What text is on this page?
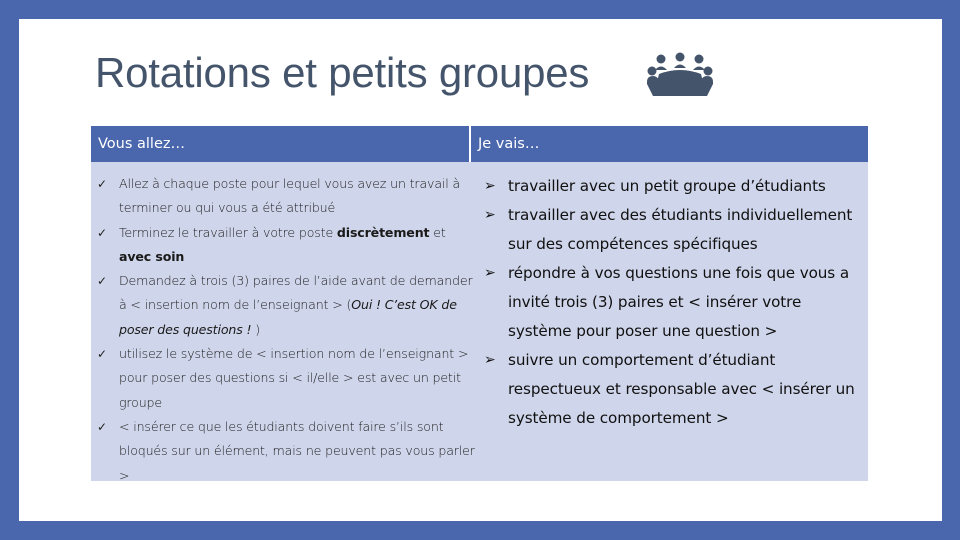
Rotations et petits groupes
Vous allez…	Je vais…
✓ Allez à chaque poste pour lequel vous avez un travail à terminer ou qui vous a été attribué
✓ Terminez le travailler à votre poste discrètement et avec soin
✓ Demandez à trois (3) paires de l’aide avant de demander à < insertion nom de l’enseignant > (Oui ! C’est OK de poser des questions ! )
✓ utilisez le système de < insertion nom de l’enseignant > pour poser des questions si < il/elle > est avec un petit groupe
✓ < insérer ce que les étudiants doivent faire s’ils sont bloqués sur un élément, mais ne peuvent pas vous parler >
➢ travailler avec un petit groupe d’étudiants
➢ travailler avec des étudiants individuellement sur des compétences spécifiques
➢ répondre à vos questions une fois que vous a invité trois (3) paires et < insérer votre système pour poser une question >
➢ suivre un comportement d’étudiant respectueux et responsable avec < insérer un système de comportement >
